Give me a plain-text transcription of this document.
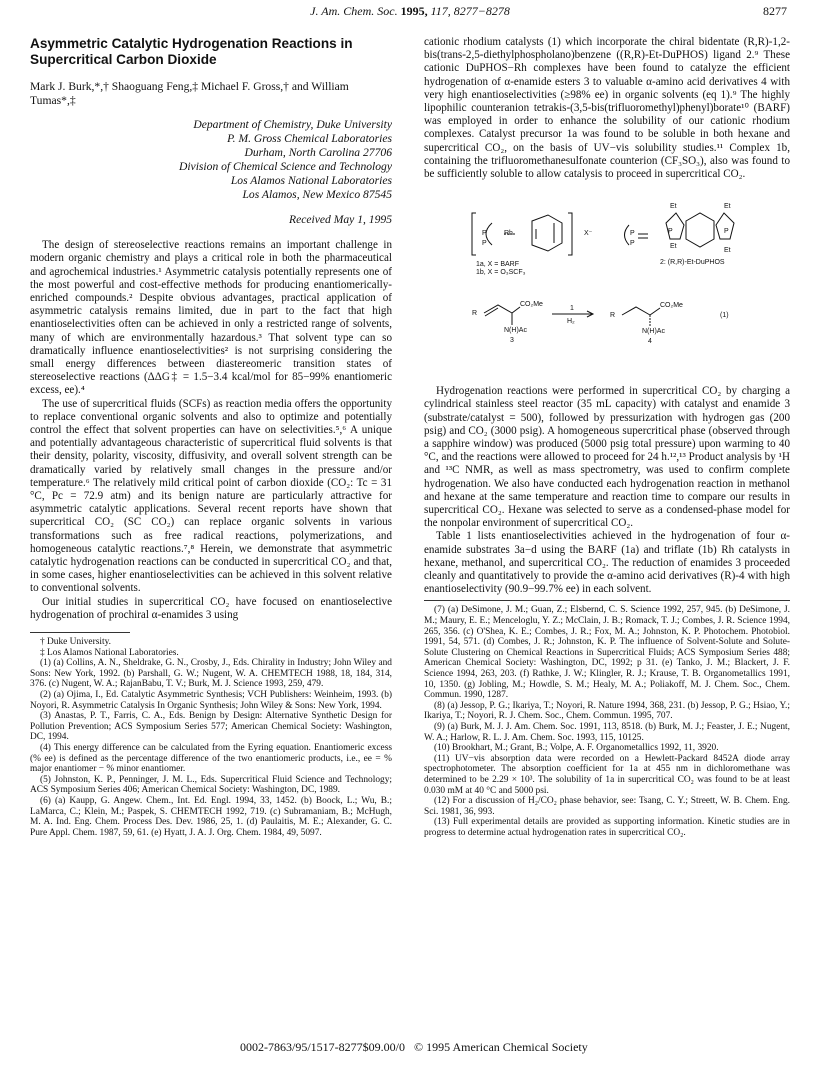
J. Am. Chem. Soc. 1995, 117, 8277−8278	8277
Asymmetric Catalytic Hydrogenation Reactions in Supercritical Carbon Dioxide
Mark J. Burk,*,† Shaoguang Feng,‡ Michael F. Gross,† and William Tumas*,‡
Department of Chemistry, Duke University
P. M. Gross Chemical Laboratories
Durham, North Carolina 27706
Division of Chemical Science and Technology
Los Alamos National Laboratories
Los Alamos, New Mexico 87545
Received May 1, 1995

The design of stereoselective reactions remains an important challenge in modern organic chemistry and plays a critical role in both the pharmaceutical and agrochemical industries.¹ Asymmetric catalysis potentially represents one of the most powerful and cost-effective methods for producing enantiomerically-enriched compounds.² Despite obvious advantages, practical application of asymmetric catalysis remains limited, due in part to the fact that high enantioselectivities often can be achieved in only a restricted range of solvents, many of which are environmentally hazardous.³ That solvent type can so dramatically influence enantioselectivities² is not surprising considering the small energy differences between diastereomeric transition states of stereoselective reactions (ΔΔG‡ = 1.5−3.4 kcal/mol for 85−99% enantiomeric excess, ee).⁴

The use of supercritical fluids (SCFs) as reaction media offers the opportunity to replace conventional organic solvents and also to optimize and potentially control the effect that solvent properties can have on selectivities.⁵,⁶ A unique and potentially advantageous characteristic of supercritical fluid solvents is that their density, polarity, viscosity, diffusivity, and overall solvent strength can be dramatically varied by relatively small changes in the pressure and/or temperature.⁶ The relatively mild critical point of carbon dioxide (CO₂: Tc = 31 °C, Pc = 72.9 atm) and its benign nature are particularly attractive for asymmetric catalytic applications. Several recent reports have shown that supercritical CO₂ (SC CO₂) can replace organic solvents in various transformations such as free radical reactions, polymerizations, and homogeneous catalytic reactions.⁷,⁸ Herein, we demonstrate that asymmetric catalytic hydrogenation reactions can be conducted in supercritical CO₂ and that, in some cases, higher enantioselectivities can be achieved in this solvent relative to conventional solvents.

Our initial studies in supercritical CO₂ have focused on enantioselective hydrogenation of prochiral α-enamides 3 using

† Duke University.

‡ Los Alamos National Laboratories.

(1) (a) Collins, A. N., Sheldrake, G. N., Crosby, J., Eds. Chirality in Industry; John Wiley and Sons: New York, 1992. (b) Parshall, G. W.; Nugent, W. A. CHEMTECH 1988, 18, 184, 314, 376. (c) Nugent, W. A.; RajanBabu, T. V.; Burk, M. J. Science 1993, 259, 479.

(2) (a) Ojima, I., Ed. Catalytic Asymmetric Synthesis; VCH Publishers: Weinheim, 1993. (b) Noyori, R. Asymmetric Catalysis In Organic Synthesis; John Wiley & Sons: New York, 1994.

(3) Anastas, P. T., Farris, C. A., Eds. Benign by Design: Alternative Synthetic Design for Pollution Prevention; ACS Symposium Series 577; American Chemical Society: Washington, DC, 1994.

(4) This energy difference can be calculated from the Eyring equation. Enantiomeric excess (% ee) is defined as the percentage difference of the two enantiomeric products, i.e., ee = % major enantiomer − % minor enantiomer.

(5) Johnston, K. P., Penninger, J. M. L., Eds. Supercritical Fluid Science and Technology; ACS Symposium Series 406; American Chemical Society: Washington, DC, 1989.

(6) (a) Kaupp, G. Angew. Chem., Int. Ed. Engl. 1994, 33, 1452. (b) Boock, L.; Wu, B.; LaMarca, C.; Klein, M.; Paspek, S. CHEMTECH 1992, 719. (c) Subramaniam, B.; McHugh, M. A. Ind. Eng. Chem. Process Des. Dev. 1986, 25, 1. (d) Paulaitis, M. E.; Alexander, G. C. Pure Appl. Chem. 1987, 59, 61. (e) Hyatt, J. A. J. Org. Chem. 1984, 49, 5097.

cationic rhodium catalysts (1) which incorporate the chiral bidentate (R,R)-1,2-bis(trans-2,5-diethylphospholano)benzene ((R,R)-Et-DuPHOS) ligand 2.⁹ These cationic DuPHOS−Rh complexes have been found to catalyze the efficient hydrogenation of α-enamide esters 3 to valuable α-amino acid derivatives 4 with very high enantioselectivities (≥98% ee) in organic solvents (eq 1).⁹ The highly lipophilic counteranion tetrakis-(3,5-bis(trifluoromethyl)phenyl)borate¹⁰ (BARF) was employed in order to enhance the solubility of our cationic rhodium complexes. Catalyst precursor 1a was found to be soluble in both hexane and supercritical CO₂, on the basis of UV−vis solubility studies.¹¹ Complex 1b, containing the trifluoromethanesulfonate counterion (CF₃SO₃), also was found to be sufficiently soluble to allow catalysis to proceed in supercritical CO₂.

P
P
Rh	X⁻
1a, X = BARF
1b, X = O₃SCF₃
P
P
Et	Et
Et
Et
P	P
2: (R,R)-Et-DuPHOS
R
CO₂Me
N(H)Ac
3
1
H₂
R
CO₂Me
N(H)Ac
4
(1)

Hydrogenation reactions were performed in supercritical CO₂ by charging a cylindrical stainless steel reactor (35 mL capacity) with catalyst and enamide 3 (substrate/catalyst = 500), followed by pressurization with hydrogen gas (200 psig) and CO₂ (3000 psig). A homogeneous supercritical phase (observed through a sapphire window) was produced (5000 psig total pressure) upon warming to 40 °C, and the reactions were allowed to proceed for 24 h.¹²,¹³ Product analysis by ¹H and ¹³C NMR, as well as mass spectrometry, was used to confirm complete hydrogenation. We also have conducted each hydrogenation reaction in methanol and hexane at the same temperature and reaction time to compare our results in supercritical CO₂. Hexane was selected to serve as a condensed-phase model for the nonpolar environment of supercritical CO₂.

Table 1 lists enantioselectivities achieved in the hydrogenation of four α-enamide substrates 3a−d using the BARF (1a) and triflate (1b) Rh catalysts in hexane, methanol, and supercritical CO₂. The reduction of enamides 3 proceeded cleanly and quantitatively to provide the α-amino acid derivatives (R)-4 with high enantioselectivity (90.9−99.7% ee) in each solvent.

(7) (a) DeSimone, J. M.; Guan, Z.; Elsbernd, C. S. Science 1992, 257, 945. (b) DeSimone, J. M.; Maury, E. E.; Menceloglu, Y. Z.; McClain, J. B.; Romack, T. J.; Combes, J. R. Science 1994, 265, 356. (c) O'Shea, K. E.; Combes, J. R.; Fox, M. A.; Johnston, K. P. Photochem. Photobiol. 1991, 54, 571. (d) Combes, J. R.; Johnston, K. P. The influence of Solvent-Solute and Solute-Solute Clustering on Chemical Reactions in Supercritical Fluids; ACS Symposium Series 488; American Chemical Society: Washington, DC, 1992; p 31. (e) Tanko, J. M.; Blackert, J. F. Science 1994, 263, 203. (f) Rathke, J. W.; Klingler, R. J.; Krause, T. B. Organometallics 1991, 10, 1350. (g) Jobling, M.; Howdle, S. M.; Healy, M. A.; Poliakoff, M. J. Chem. Soc., Chem. Commun. 1990, 1287.

(8) (a) Jessop, P. G.; Ikariya, T.; Noyori, R. Nature 1994, 368, 231. (b) Jessop, P. G.; Hsiao, Y.; Ikariya, T.; Noyori, R. J. Chem. Soc., Chem. Commun. 1995, 707.

(9) (a) Burk, M. J. J. Am. Chem. Soc. 1991, 113, 8518. (b) Burk, M. J.; Feaster, J. E.; Nugent, W. A.; Harlow, R. L. J. Am. Chem. Soc. 1993, 115, 10125.

(10) Brookhart, M.; Grant, B.; Volpe, A. F. Organometallics 1992, 11, 3920.

(11) UV−vis absorption data were recorded on a Hewlett-Packard 8452A diode array spectrophotometer. The absorption coefficient for 1a at 455 nm in dichloromethane was determined to be 2.29 × 10³. The solubility of 1a in supercritical CO₂ was found to be at least 0.030 mM at 40 °C and 5000 psi.

(12) For a discussion of H₂/CO₂ phase behavior, see: Tsang, C. Y.; Streett, W. B. Chem. Eng. Sci. 1981, 36, 993.

(13) Full experimental details are provided as supporting information. Kinetic studies are in progress to determine actual hydrogenation rates in supercritical CO₂.

0002-7863/95/1517-8277$09.00/0 © 1995 American Chemical Society
